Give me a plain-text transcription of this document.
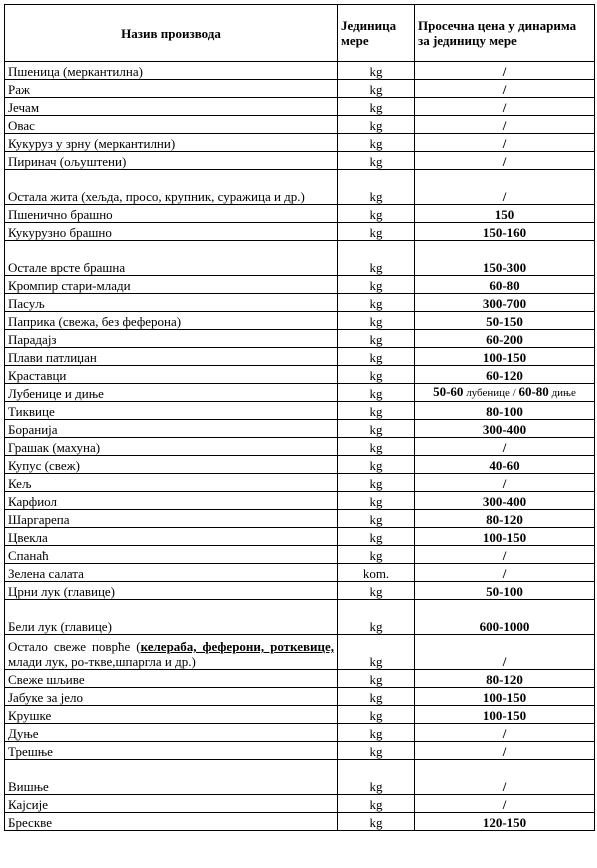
Назив производа	Јединица мере	Просечна цена у динарима за јединицу мере
Пшеница (меркантилна)	kg	/
Раж	kg	/
Јечам	kg	/
Овас	kg	/
Кукуруз у зрну (меркантилни)	kg	/
Пиринач (ољуштени)	kg	/
Остала жита (хељда, просо, крупник, суражица и др.)	kg	/
Пшенично брашно	kg	150
Кукурузно брашно	kg	150-160
Остале врсте брашна	kg	150-300
Кромпир стари-млади	kg	60-80
Пасуљ	kg	300-700
Паприка (свежа, без феферона)	kg	50-150
Парадајз	kg	60-200
Плави патлиџан	kg	100-150
Краставци	kg	60-120
Лубенице и диње	kg	50-60 лубенице / 60-80 диње
Тиквице	kg	80-100
Боранија	kg	300-400
Грашак (махуна)	kg	/
Купус (свеж)	kg	40-60
Кељ	kg	/
Карфиол	kg	300-400
Шаргарепа	kg	80-120
Цвекла	kg	100-150
Спанаћ	kg	/
Зелена салата	kom.	/
Црни лук (главице)	kg	50-100
Бели лук (главице)	kg	600-1000
Остало свеже поврће (келераба, феферони, роткевице, млади лук, ро-ткве,шпаргла и др.)	kg	/
Свеже шљиве	kg	80-120
Јабуке за јело	kg	100-150
Крушке	kg	100-150
Дуње	kg	/
Трешње	kg	/
Вишње	kg	/
Кајсије	kg	/
Брескве	kg	120-150
